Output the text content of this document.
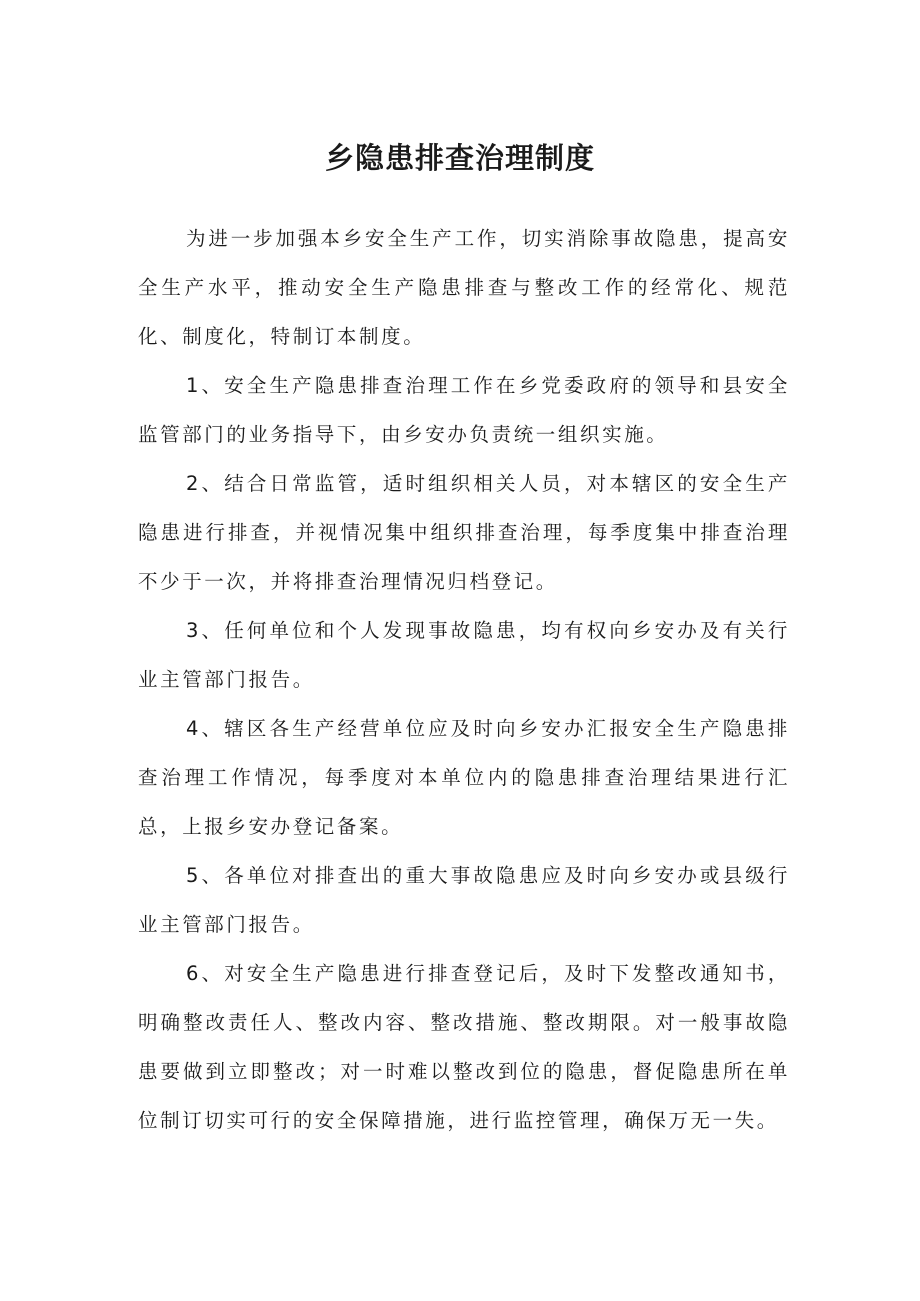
乡隐患排查治理制度

为进一步加强本乡安全生产工作，切实消除事故隐患，提高安全生产水平，推动安全生产隐患排查与整改工作的经常化、规范化、制度化，特制订本制度。

1、安全生产隐患排查治理工作在乡党委政府的领导和县安全监管部门的业务指导下，由乡安办负责统一组织实施。

2、结合日常监管，适时组织相关人员，对本辖区的安全生产隐患进行排查，并视情况集中组织排查治理，每季度集中排查治理不少于一次，并将排查治理情况归档登记。

3、任何单位和个人发现事故隐患，均有权向乡安办及有关行业主管部门报告。

4、辖区各生产经营单位应及时向乡安办汇报安全生产隐患排查治理工作情况，每季度对本单位内的隐患排查治理结果进行汇总，上报乡安办登记备案。

5、各单位对排查出的重大事故隐患应及时向乡安办或县级行业主管部门报告。

6、对安全生产隐患进行排查登记后，及时下发整改通知书，明确整改责任人、整改内容、整改措施、整改期限。对一般事故隐患要做到立即整改；对一时难以整改到位的隐患，督促隐患所在单位制订切实可行的安全保障措施，进行监控管理，确保万无一失。
